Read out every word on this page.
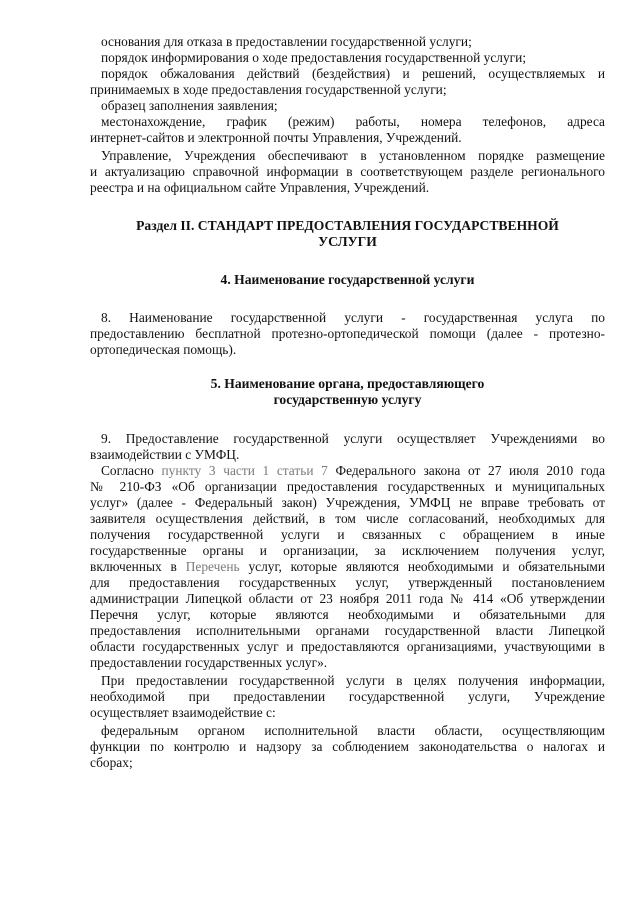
основания для отказа в предоставлении государственной услуги;
порядок информирования о ходе предоставления государственной услуги;
порядок обжалования действий (бездействия) и решений, осуществляемых и
принимаемых в ходе предоставления государственной услуги;
образец заполнения заявления;
местонахождение, график (режим) работы, номера телефонов, адреса
интернет-сайтов и электронной почты Управления, Учреждений.
Управление, Учреждения обеспечивают в установленном порядке размещение
и актуализацию справочной информации в соответствующем разделе регионального
реестра и на официальном сайте Управления, Учреждений.
Раздел II. СТАНДАРТ ПРЕДОСТАВЛЕНИЯ ГОСУДАРСТВЕННОЙ
УСЛУГИ
4. Наименование государственной услуги
8. Наименование государственной услуги - государственная услуга по
предоставлению бесплатной протезно-ортопедической помощи (далее - протезно-
ортопедическая помощь).
5. Наименование органа, предоставляющего
государственную услугу
9. Предоставление государственной услуги осуществляет Учреждениями во
взаимодействии с УМФЦ.
Согласно пункту 3 части 1 статьи 7 Федерального закона от 27 июля 2010 года
№ 210-ФЗ «Об организации предоставления государственных и муниципальных
услуг» (далее - Федеральный закон) Учреждения, УМФЦ не вправе требовать от
заявителя осуществления действий, в том числе согласований, необходимых для
получения государственной услуги и связанных с обращением в иные
государственные органы и организации, за исключением получения услуг,
включенных в Перечень услуг, которые являются необходимыми и обязательными
для предоставления государственных услуг, утвержденный постановлением
администрации Липецкой области от 23 ноября 2011 года № 414 «Об утверждении
Перечня услуг, которые являются необходимыми и обязательными для
предоставления исполнительными органами государственной власти Липецкой
области государственных услуг и предоставляются организациями, участвующими в
предоставлении государственных услуг».
При предоставлении государственной услуги в целях получения информации,
необходимой при предоставлении государственной услуги, Учреждение
осуществляет взаимодействие с:
федеральным органом исполнительной власти области, осуществляющим
функции по контролю и надзору за соблюдением законодательства о налогах и
сборах;
